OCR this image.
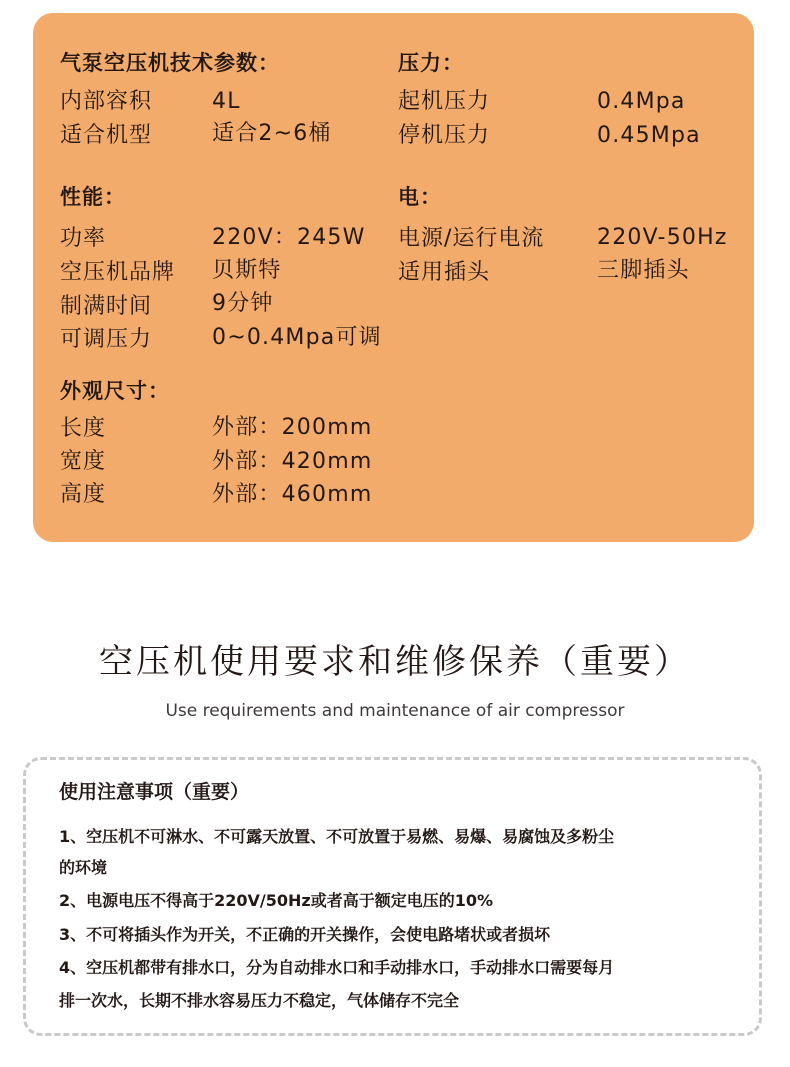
气泵空压机技术参数：	压力：
内部容积	4L
适合机型	适合2~6桶
起机压力	0.4Mpa
停机压力	0.45Mpa
性能：	电：
功率	220V：245W
空压机品牌 贝斯特
制满时间	9分钟
可调压力	0~0.4Mpa可调
电源/运行电流 220V-50Hz
适用插头	三脚插头
外观尺寸：
长度	外部：200mm
宽度	外部：420mm
高度	外部：460mm
空压机使用要求和维修保养（重要）
Use requirements and maintenance of air compressor
使用注意事项（重要）
1、空压机不可淋水、不可露天放置、不可放置于易燃、易爆、易腐蚀及多粉尘
的环境
2、电源电压不得高于220V/50Hz或者高于额定电压的10%
3、不可将插头作为开关，不正确的开关操作，会使电路堵状或者损坏
4、空压机都带有排水口，分为自动排水口和手动排水口，手动排水口需要每月
排一次水，长期不排水容易压力不稳定，气体储存不完全
